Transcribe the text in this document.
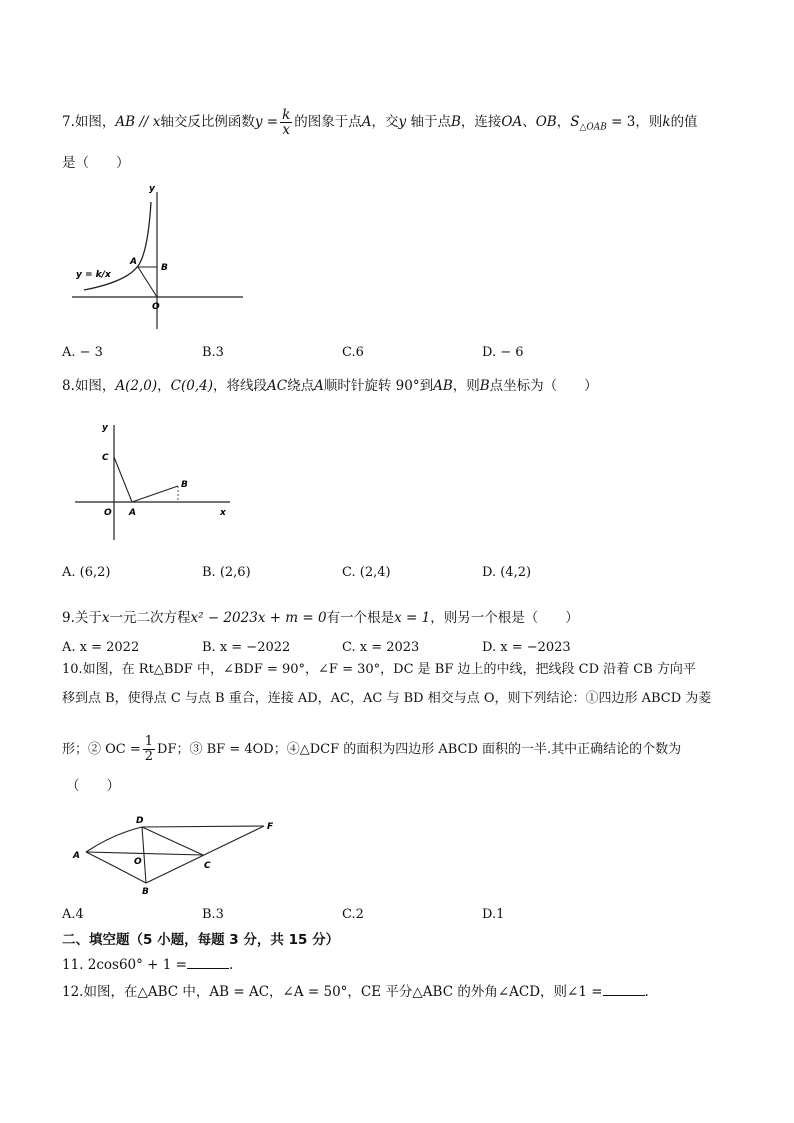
7.如图，AB // x轴交反比例函数$y = \frac{k}{x}$ 的图象于点A，交y 轴于点B，连接OA、OB，$S_{\triangle OAB} = 3$，则k的值
是（　　）
y = k/x
A
B
O
y
A. − 3	B.3	C.6	D. − 6
8.如图，A(2,0)，C(0,4)，将线段AC绕点A顺时针旋转 90°到AB，则B点坐标为（　　）
y
C
B
O A	x
A. (6,2)	B. (2,6)	C. (2,4)	D. (4,2)
9.关于x一元二次方程x² − 2023x + m = 0有一个根是x = 1，则另一个根是（　　）
A. x = 2022	B. x = −2022	C. x = 2023	D. x = −2023
10.如图，在 Rt△BDF 中，∠BDF = 90°，∠F = 30°，DC 是 BF 边上的中线，把线段 CD 沿着 CB 方向平
移到点 B，使得点 C 与点 B 重合，连接 AD，AC，AC 与 BD 相交与点 O，则下列结论：①四边形 ABCD 为菱
形；② OC = $\frac{1}{2}$ DF；③ BF = 4OD；④△DCF 的面积为四边形 ABCD 面积的一半.其中正确结论的个数为
（　　）
D
F
A
O	C
B
A.4	B.3	C.2	D.1
二、填空题（5 小题，每题 3 分，共 15 分）
11. 2cos60° + 1 =	.
12.如图，在△ABC 中，AB = AC，∠A = 50°，CE 平分△ABC 的外角∠ACD，则∠1 =	.
